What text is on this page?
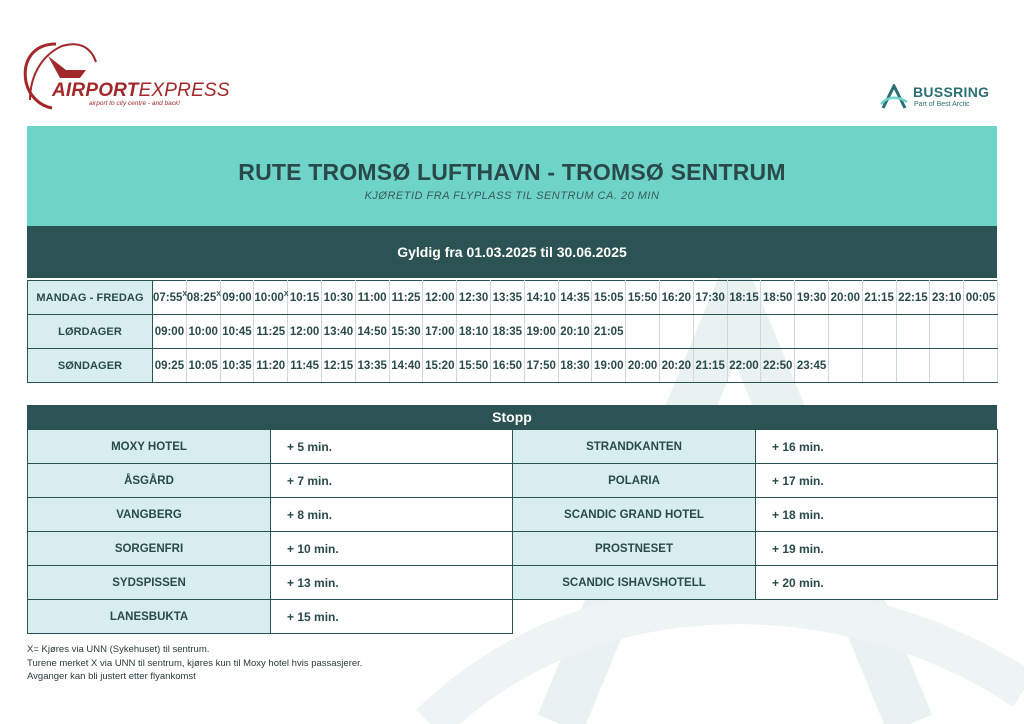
AIRPORTEXPRESS
airport to city centre - and back!
BUSSRING
Part of Best Arctic
RUTE TROMSØ LUFTHAVN - TROMSØ SENTRUM
KJØRETID FRA FLYPLASS TIL SENTRUM CA. 20 MIN
Gyldig fra 01.03.2025 til 30.06.2025
MANDAG - FREDAG	$07:55^X$	$08:25^X$	09:00	$10:00^X$	10:15	10:30	11:00	11:25	12:00	12:30	13:35	14:10	14:35	15:05	15:50	16:20	17:30	18:15	18:50	19:30	20:00	21:15	22:15	23:10	00:05
LØRDAGER	09:00	10:00	10:45	11:25	12:00	13:40	14:50	15:30	17:00	18:10	18:35	19:00	20:10	21:05											
SØNDAGER	09:25	10:05	10:35	11:20	11:45	12:15	13:35	14:40	15:20	15:50	16:50	17:50	18:30	19:00	20:00	20:20	21:15	22:00	22:50	23:45					
Stopp
MOXY HOTEL	+ 5 min.
ÅSGÅRD	+ 7 min.
VANGBERG	+ 8 min.
SORGENFRI	+ 10 min.
SYDSPISSEN	+ 13 min.
LANESBUKTA	+ 15 min.
STRANDKANTEN	+ 16 min.
POLARIA	+ 17 min.
SCANDIC GRAND HOTEL	+ 18 min.
PROSTNESET	+ 19 min.
SCANDIC ISHAVSHOTELL	+ 20 min.
X= Kjøres via UNN (Sykehuset) til sentrum.
Turene merket X via UNN til sentrum, kjøres kun til Moxy hotel hvis passasjerer.
Avganger kan bli justert etter flyankomst
